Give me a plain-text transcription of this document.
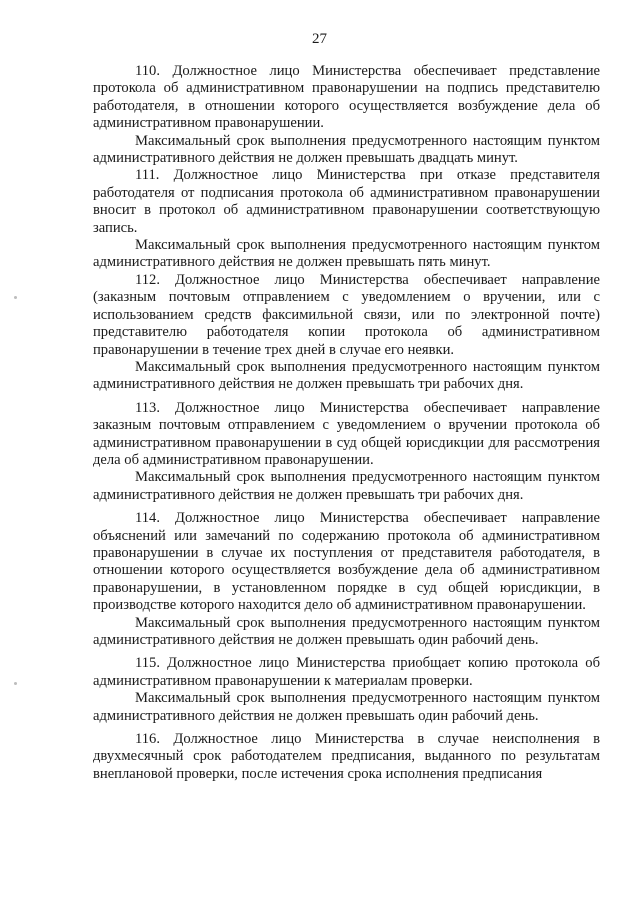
27

110. Должностное лицо Министерства обеспечивает представление протокола об административном правонарушении на подпись представителю работодателя, в отношении которого осуществляется возбуждение дела об административном правонарушении.

Максимальный срок выполнения предусмотренного настоящим пунктом административного действия не должен превышать двадцать минут.

111. Должностное лицо Министерства при отказе представителя работодателя от подписания протокола об административном правонарушении вносит в протокол об административном правонарушении соответствующую запись.

Максимальный срок выполнения предусмотренного настоящим пунктом административного действия не должен превышать пять минут.

112. Должностное лицо Министерства обеспечивает направление (заказным почтовым отправлением с уведомлением о вручении, или с использованием средств факсимильной связи, или по электронной почте) представителю работодателя копии протокола об административном правонарушении в течение трех дней в случае его неявки.

Максимальный срок выполнения предусмотренного настоящим пунктом административного действия не должен превышать три рабочих дня.

113. Должностное лицо Министерства обеспечивает направление заказным почтовым отправлением с уведомлением о вручении протокола об административном правонарушении в суд общей юрисдикции для рассмотрения дела об административном правонарушении.

Максимальный срок выполнения предусмотренного настоящим пунктом административного действия не должен превышать три рабочих дня.

114. Должностное лицо Министерства обеспечивает направление объяснений или замечаний по содержанию протокола об административном правонарушении в случае их поступления от представителя работодателя, в отношении которого осуществляется возбуждение дела об административном правонарушении, в установленном порядке в суд общей юрисдикции, в производстве которого находится дело об административном правонарушении.

Максимальный срок выполнения предусмотренного настоящим пунктом административного действия не должен превышать один рабочий день.

115. Должностное лицо Министерства приобщает копию протокола об административном правонарушении к материалам проверки.

Максимальный срок выполнения предусмотренного настоящим пунктом административного действия не должен превышать один рабочий день.

116. Должностное лицо Министерства в случае неисполнения в двухмесячный срок работодателем предписания, выданного по результатам внеплановой проверки, после истечения срока исполнения предписания
